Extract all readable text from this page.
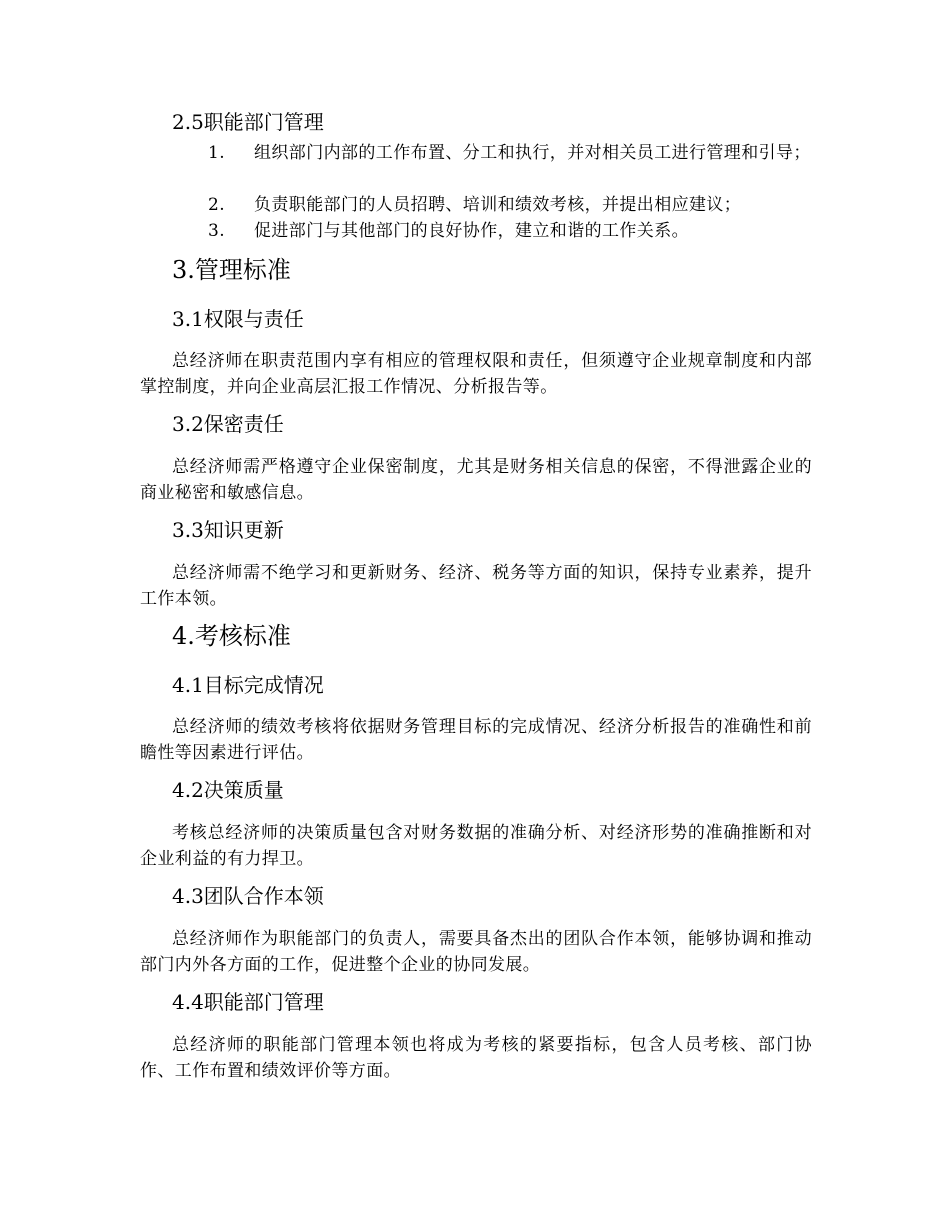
2.5职能部门管理
1. 组织部门内部的工作布置、分工和执行，并对相关员工进行管理和引导；
2. 负责职能部门的人员招聘、培训和绩效考核，并提出相应建议；
3. 促进部门与其他部门的良好协作，建立和谐的工作关系。
3.管理标准
3.1权限与责任
总经济师在职责范围内享有相应的管理权限和责任，但须遵守企业规章制度和内部掌控制度，并向企业高层汇报工作情况、分析报告等。
3.2保密责任
总经济师需严格遵守企业保密制度，尤其是财务相关信息的保密，不得泄露企业的商业秘密和敏感信息。
3.3知识更新
总经济师需不绝学习和更新财务、经济、税务等方面的知识，保持专业素养，提升工作本领。
4.考核标准
4.1目标完成情况
总经济师的绩效考核将依据财务管理目标的完成情况、经济分析报告的准确性和前瞻性等因素进行评估。
4.2决策质量
考核总经济师的决策质量包含对财务数据的准确分析、对经济形势的准确推断和对企业利益的有力捍卫。
4.3团队合作本领
总经济师作为职能部门的负责人，需要具备杰出的团队合作本领，能够协调和推动部门内外各方面的工作，促进整个企业的协同发展。
4.4职能部门管理
总经济师的职能部门管理本领也将成为考核的紧要指标，包含人员考核、部门协作、工作布置和绩效评价等方面。
